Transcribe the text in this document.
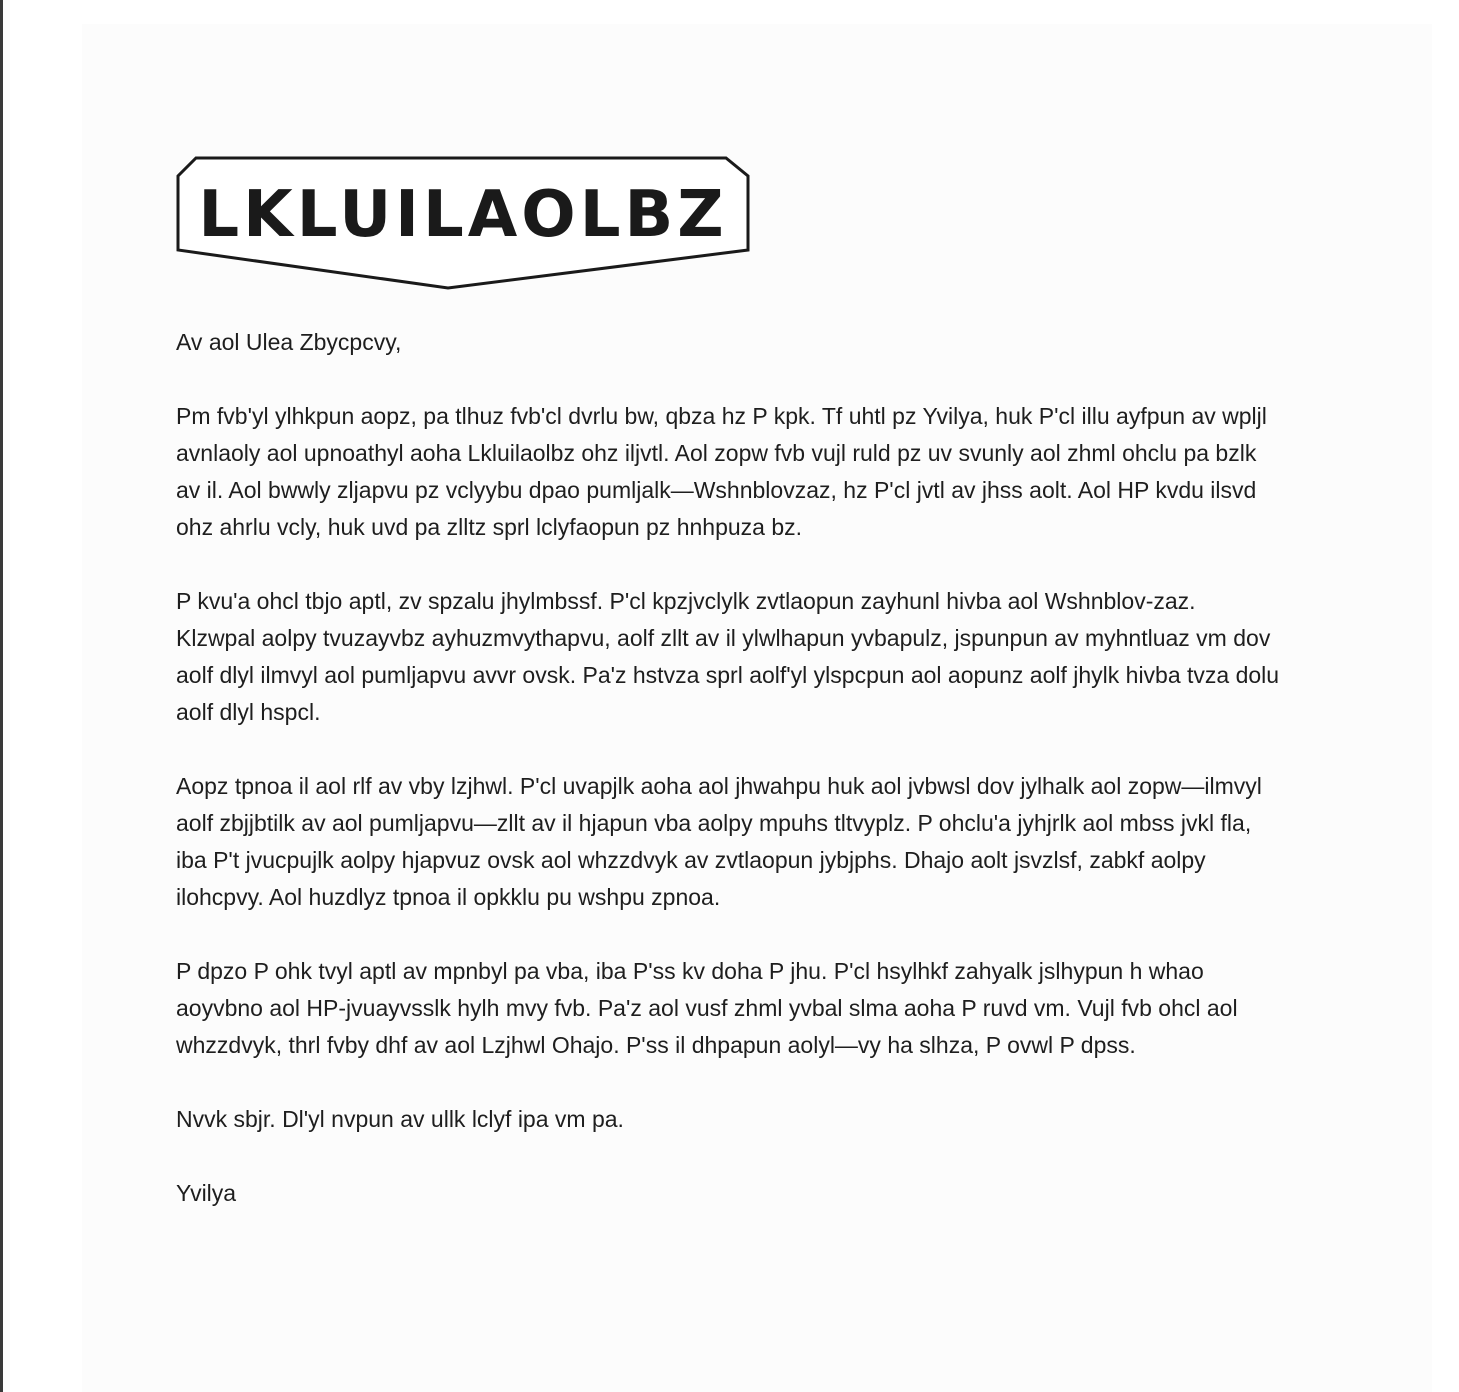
LKLUILAOLBZ

Av aol Ulea Zbycpcvy,

Pm fvb'yl ylhkpun aopz, pa tlhuz fvb'cl dvrlu bw, qbza hz P kpk. Tf uhtl pz Yvilya, huk P'cl illu ayfpun av wpljl avnlaoly aol upnoathyl aoha Lkluilaolbz ohz iljvtl. Aol zopw fvb vujl ruld pz uv svunly aol zhml ohclu pa bzlk av il. Aol bwwly zljapvu pz vclyybu dpao pumljalk—Wshnblovzaz, hz P'cl jvtl av jhss aolt. Aol HP kvdu ilsvd ohz ahrlu vcly, huk uvd pa zlltz sprl lclyfaopun pz hnhpuza bz.

P kvu'a ohcl tbjo aptl, zv spzalu jhylmbssf. P'cl kpzjvclylk zvtlaopun zayhunl hivba aol Wshnblov-zaz. Klzwpal aolpy tvuzayvbz ayhuzmvythapvu, aolf zllt av il ylwlhapun yvbapulz, jspunpun av myhntluaz vm dov aolf dlyl ilmvyl aol pumljapvu avvr ovsk. Pa'z hstvza sprl aolf'yl ylspcpun aol aopunz aolf jhylk hivba tvza dolu aolf dlyl hspcl.

Aopz tpnoa il aol rlf av vby lzjhwl. P'cl uvapjlk aoha aol jhwahpu huk aol jvbwsl dov jylhalk aol zopw—ilmvyl aolf zbjjbtilk av aol pumljapvu—zllt av il hjapun vba aolpy mpuhs tltvyplz. P ohclu'a jyhjrlk aol mbss jvkl fla, iba P't jvucpujlk aolpy hjapvuz ovsk aol whzzdvyk av zvtlaopun jybjphs. Dhajo aolt jsvzlsf, zabkf aolpy ilohcpvy. Aol huzdlyz tpnoa il opkklu pu wshpu zpnoa.

P dpzo P ohk tvyl aptl av mpnbyl pa vba, iba P'ss kv doha P jhu. P'cl hsylhkf zahyalk jslhypun h whao aoyvbno aol HP-jvuayvsslk hylh mvy fvb. Pa'z aol vusf zhml yvbal slma aoha P ruvd vm. Vujl fvb ohcl aol whzzdvyk, thrl fvby dhf av aol Lzjhwl Ohajo. P'ss il dhpapun aolyl—vy ha slhza, P ovwl P dpss.

Nvvk sbjr. Dl'yl nvpun av ullk lclyf ipa vm pa.

Yvilya
